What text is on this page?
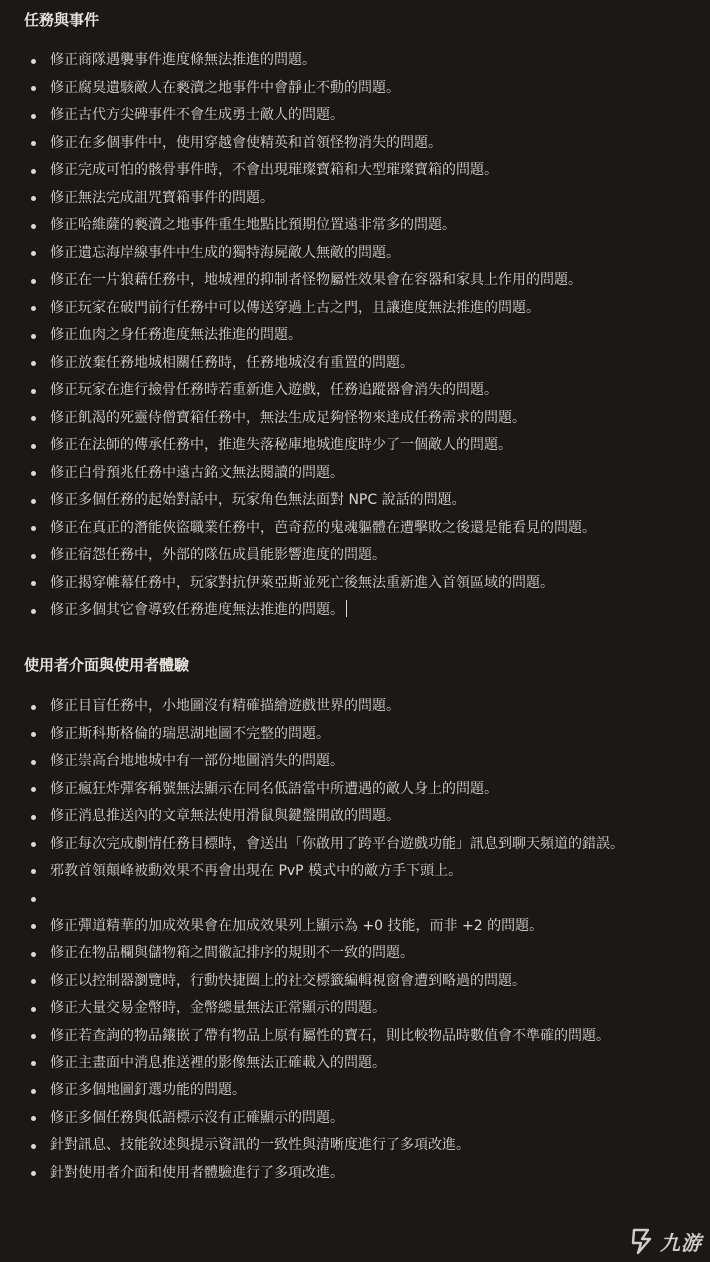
任務與事件
修正商隊遇襲事件進度條無法推進的問題。
修正腐臭遺駭敵人在褻瀆之地事件中會靜止不動的問題。
修正古代方尖碑事件不會生成勇士敵人的問題。
修正在多個事件中，使用穿越會使精英和首領怪物消失的問題。
修正完成可怕的骸骨事件時，不會出現璀璨寶箱和大型璀璨寶箱的問題。
修正無法完成詛咒寶箱事件的問題。
修正哈維薩的褻瀆之地事件重生地點比預期位置遠非常多的問題。
修正遺忘海岸線事件中生成的獨特海屍敵人無敵的問題。
修正在一片狼藉任務中，地城裡的抑制者怪物屬性效果會在容器和家具上作用的問題。
修正玩家在破門前行任務中可以傳送穿過上古之門，且讓進度無法推進的問題。
修正血肉之身任務進度無法推進的問題。
修正放棄任務地城相關任務時，任務地城沒有重置的問題。
修正玩家在進行撿骨任務時若重新進入遊戲，任務追蹤器會消失的問題。
修正飢渴的死靈侍僧寶箱任務中，無法生成足夠怪物來達成任務需求的問題。
修正在法師的傳承任務中，推進失落秘庫地城進度時少了一個敵人的問題。
修正白骨預兆任務中遠古銘文無法閱讀的問題。
修正多個任務的起始對話中，玩家角色無法面對 NPC 說話的問題。
修正在真正的潛能俠盜職業任務中，芭奇菈的鬼魂軀體在遭擊敗之後還是能看見的問題。
修正宿怨任務中，外部的隊伍成員能影響進度的問題。
修正揭穿帷幕任務中，玩家對抗伊萊亞斯並死亡後無法重新進入首領區域的問題。
修正多個其它會導致任務進度無法推進的問題。
使用者介面與使用者體驗
修正目盲任務中，小地圖沒有精確描繪遊戲世界的問題。
修正斯科斯格倫的瑞思湖地圖不完整的問題。
修正崇高台地地城中有一部份地圖消失的問題。
修正瘋狂炸彈客稱號無法顯示在同名低語當中所遭遇的敵人身上的問題。
修正消息推送內的文章無法使用滑鼠與鍵盤開啟的問題。
修正每次完成劇情任務目標時，會送出「你啟用了跨平台遊戲功能」訊息到聊天頻道的錯誤。
邪教首領顛峰被動效果不再會出現在 PvP 模式中的敵方手下頭上。
修正彈道精華的加成效果會在加成效果列上顯示為 +0 技能，而非 +2 的問題。
修正在物品欄與儲物箱之間徽記排序的規則不一致的問題。
修正以控制器瀏覽時，行動快捷圈上的社交標籤編輯視窗會遭到略過的問題。
修正大量交易金幣時，金幣總量無法正常顯示的問題。
修正若查詢的物品鑲嵌了帶有物品上原有屬性的寶石，則比較物品時數值會不準確的問題。
修正主畫面中消息推送裡的影像無法正確載入的問題。
修正多個地圖釘選功能的問題。
修正多個任務與低語標示沒有正確顯示的問題。
針對訊息、技能敘述與提示資訊的一致性與清晰度進行了多項改進。
針對使用者介面和使用者體驗進行了多項改進。
九游
